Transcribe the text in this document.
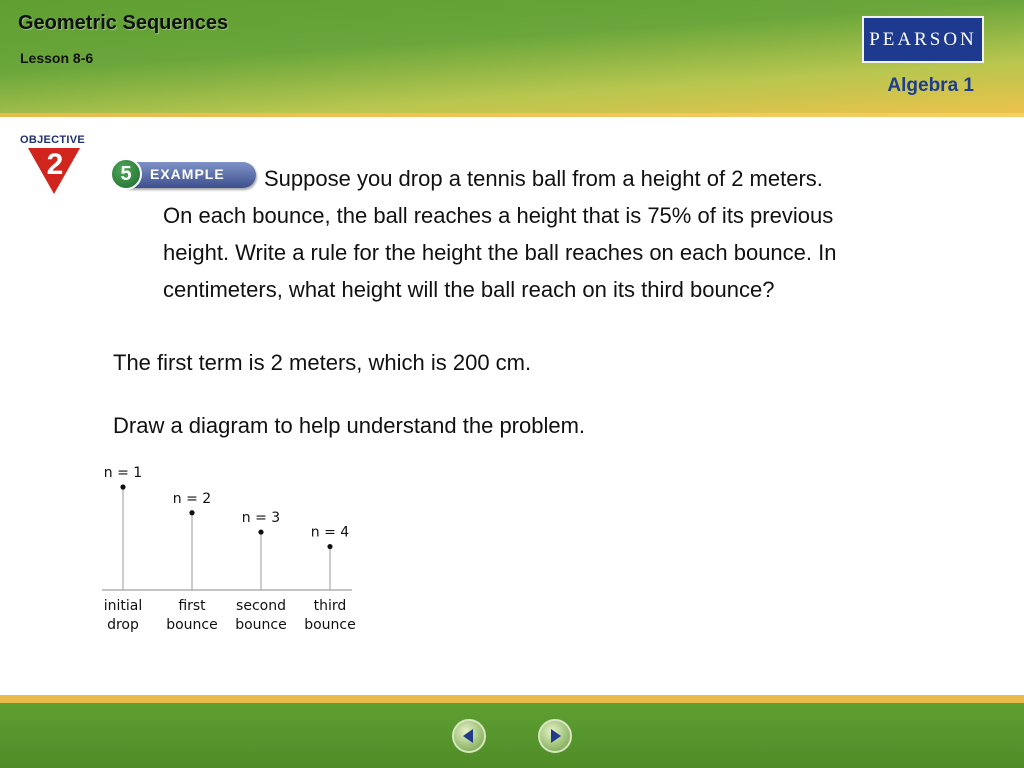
Geometric Sequences
Lesson 8-6
PEARSON
Algebra 1
OBJECTIVE
2	5	EXAMPLE	Suppose you drop a tennis ball from a height of 2 meters.
On each bounce, the ball reaches a height that is 75% of its previous
height. Write a rule for the height the ball reaches on each bounce. In
centimeters, what height will the ball reach on its third bounce?
The first term is 2 meters, which is 200 cm.
Draw a diagram to help understand the problem.
n = 1
initial
drop
n = 2
first
bounce
n = 3
second
bounce
n = 4
third
bounce
